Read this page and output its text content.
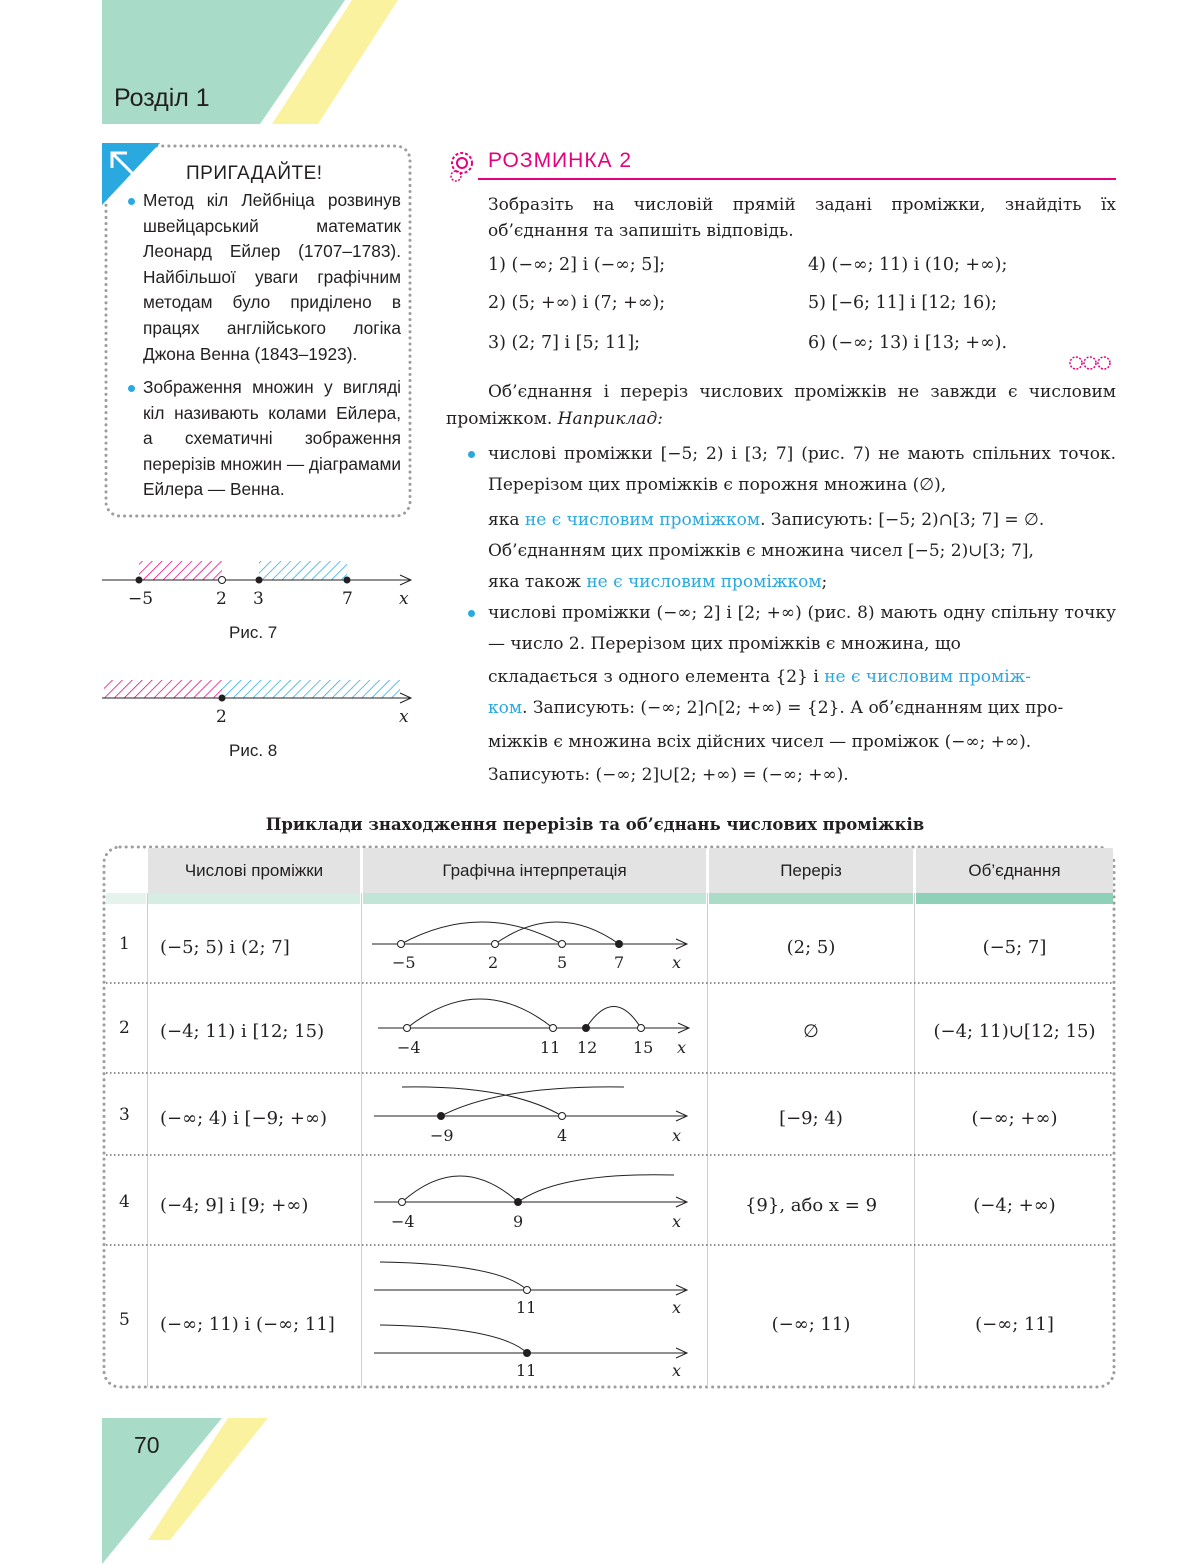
Розділ 1
70
ПРИГАДАЙТЕ!
Метод кіл Лейбніца розвинув швейцарський математик Леонард Ейлер (1707–1783). Найбільшої уваги графічним методам було приділено в працях англійського логіка Джона Венна (1843–1923).
Зображення множин у вигляді кіл називають колами Ейлера, а схематичні зображення перерізів множин — діаграмами Ейлера — Венна.
−5	2 3	7	x
Рис. 7
2	x
Рис. 8
РОЗМИНКА 2
Зобразіть на числовій прямій задані проміжки, знайдіть їх об’єднання та запишіть відповідь.
1) (−∞; 2] і (−∞; 5];
2) (5; +∞) і (7; +∞);
3) (2; 7] і [5; 11];
4) (−∞; 11) і (10; +∞);
5) [−6; 11] і [12; 16);
6) (−∞; 13) і [13; +∞).
Об’єднання і переріз числових проміжків не завжди є числовим проміжком. Наприклад:
числові проміжки [−5; 2) і [3; 7] (рис. 7) не мають спільних точок. Перерізом цих проміжків є порожня множина (∅),
яка не є числовим проміжком. Записують: [−5; 2)∩[3; 7] = ∅.
Об’єднанням цих проміжків є множина чисел [−5; 2)∪[3; 7],
яка також не є числовим проміжком;
числові проміжки (−∞; 2] і [2; +∞) (рис. 8) мають одну спільну точку — число 2. Перерізом цих проміжків є множина, що
складається з одного елемента {2} і не є числовим промiж-
ком. Записують: (−∞; 2]∩[2; +∞) = {2}. А об’єднанням цих про-
міжків є множина всіх дійсних чисел — проміжок (−∞; +∞).
Записують: (−∞; 2]∪[2; +∞) = (−∞; +∞).
Приклади знаходження перерізів та об’єднань числових проміжків
Числові проміжки	Графічна інтерпретація	Переріз	Об’єднання
1 (−5; 5) і (2; 7]
−5	2	5	7	x
(2; 5)	(−5; 7]
2 (−4; 11) і [12; 15)
−4	11 12 15 x
∅	(−4; 11)∪[12; 15)
3 (−∞; 4) і [−9; +∞)
−9	4	x
[−9; 4)	(−∞; +∞)
4 (−4; 9] і [9; +∞)
−4	9	x
{9}, або x = 9	(−4; +∞)
5 (−∞; 11) і (−∞; 11]
11	x
11	x
(−∞; 11)	(−∞; 11]
